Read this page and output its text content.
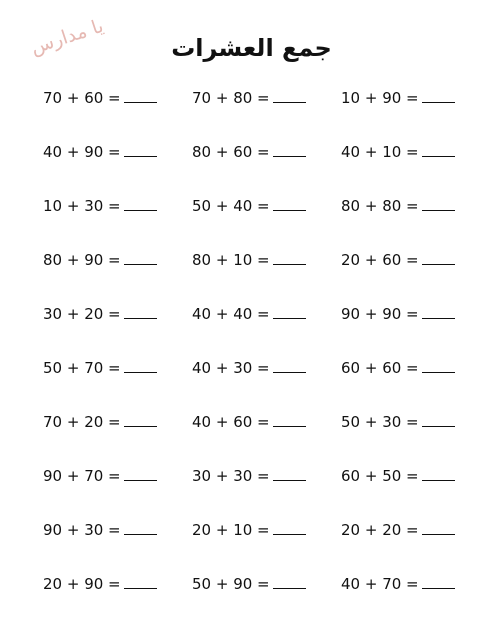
يا مدارس	جمع العشرات
70 + 60 =	70 + 80 =	10 + 90 =
40 + 90 =	80 + 60 =	40 + 10 =
10 + 30 =	50 + 40 =	80 + 80 =
80 + 90 =	80 + 10 =	20 + 60 =
30 + 20 =	40 + 40 =	90 + 90 =
50 + 70 =	40 + 30 =	60 + 60 =
70 + 20 =	40 + 60 =	50 + 30 =
90 + 70 =	30 + 30 =	60 + 50 =
90 + 30 =	20 + 10 =	20 + 20 =
20 + 90 =	50 + 90 =	40 + 70 =
